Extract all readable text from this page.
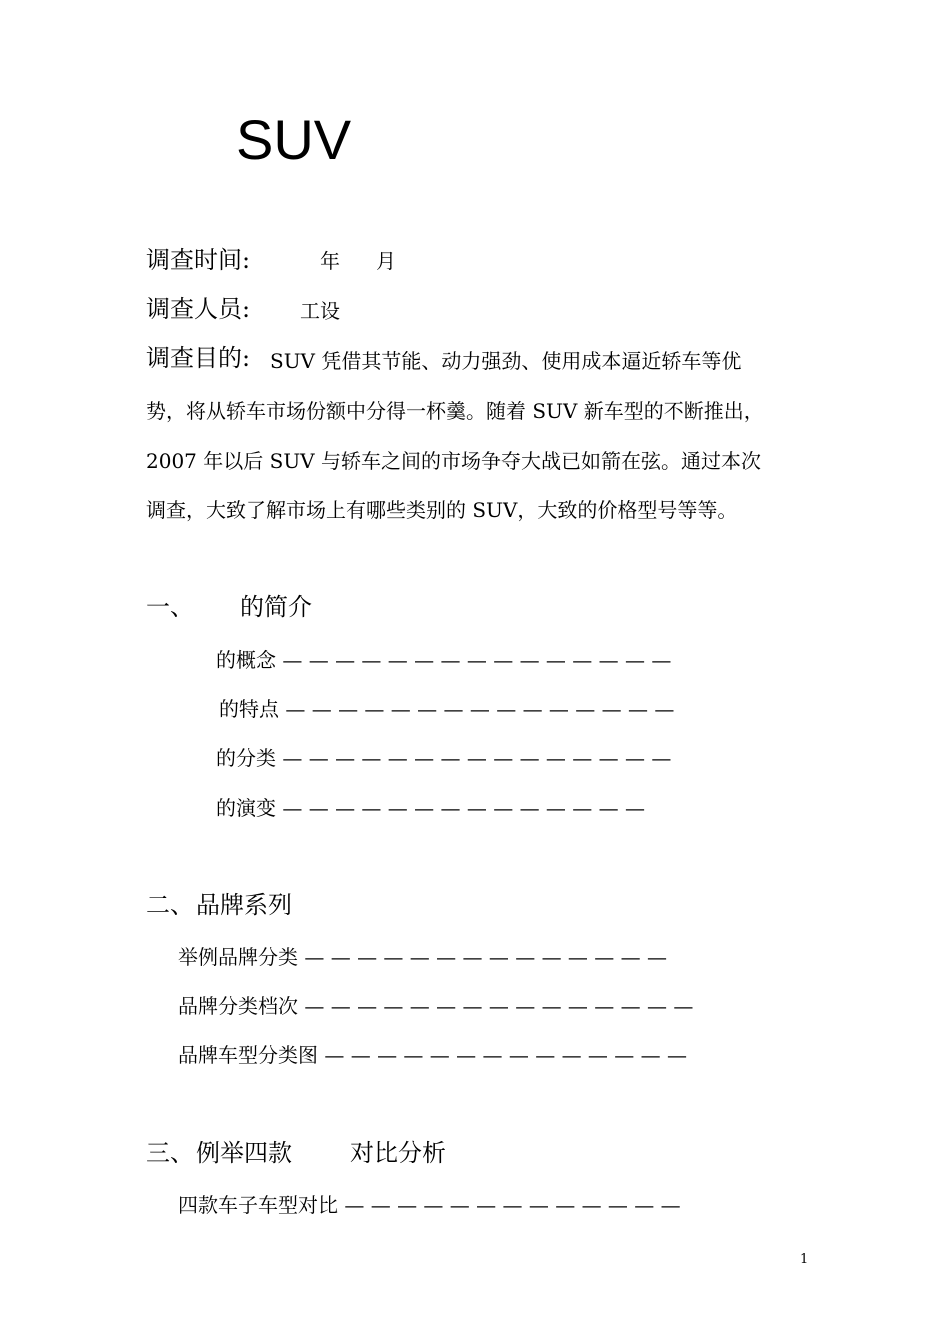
SUV
调查时间:	年 月
调查人员: 工设
调查目的: SUV 凭借其节能、动力强劲、使用成本逼近轿车等优
势，将从轿车市场份额中分得一杯羹。随着 SUV 新车型的不断推出，
2007 年以后 SUV 与轿车之间的市场争夺大战已如箭在弦。通过本次
调查，大致了解市场上有哪些类别的 SUV，大致的价格型号等等。
一、 的简介
的概念 — — — — — — — — — — — — — — —
的特点 — — — — — — — — — — — — — — —
的分类 — — — — — — — — — — — — — — —
的演变 — — — — — — — — — — — — — —
二、 品牌系列
举例品牌分类 — — — — — — — — — — — — — —
品牌分类档次 — — — — — — — — — — — — — — —
品牌车型分类图 — — — — — — — — — — — — — —
三、 例举四款 对比分析
四款车子车型对比 — — — — — — — — — — — — —
1
